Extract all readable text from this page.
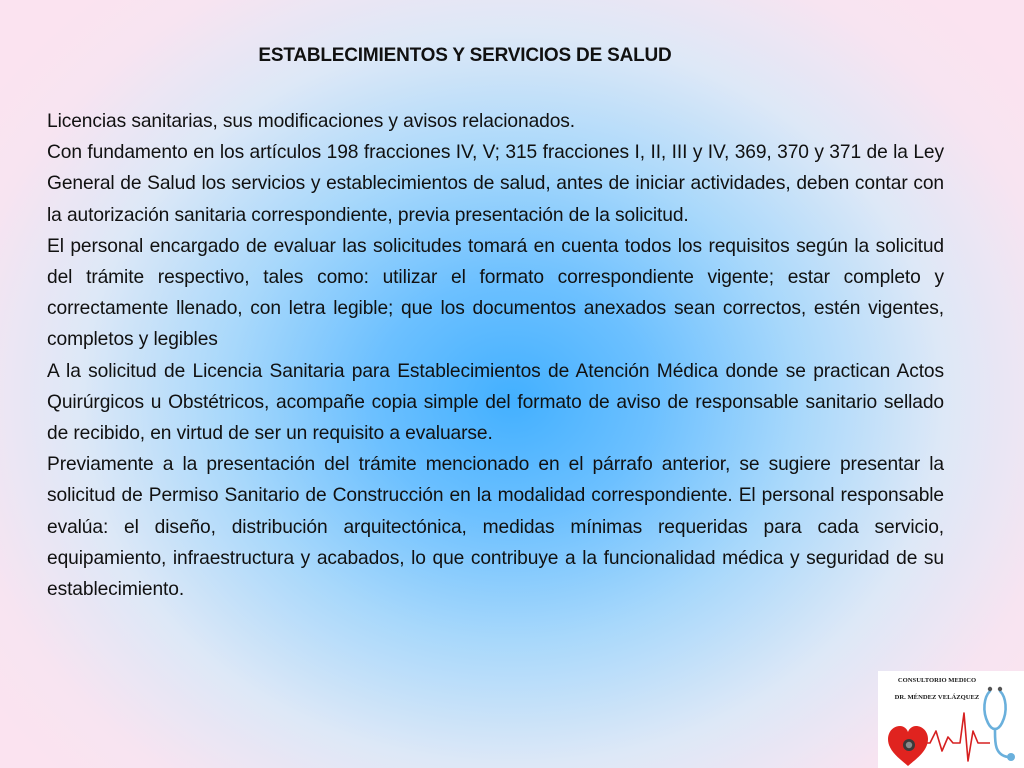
ESTABLECIMIENTOS Y SERVICIOS DE SALUD

Licencias sanitarias, sus modificaciones y avisos relacionados.

Con fundamento en los artículos 198 fracciones IV, V; 315 fracciones I, II, III y IV, 369, 370 y 371 de la Ley General de Salud los servicios y establecimientos de salud, antes de iniciar actividades, deben contar con la autorización sanitaria correspondiente, previa presentación de la solicitud.

El personal encargado de evaluar las solicitudes tomará en cuenta todos los requisitos según la solicitud del trámite respectivo, tales como: utilizar el formato correspondiente vigente; estar completo y correctamente llenado, con letra legible; que los documentos anexados sean correctos, estén vigentes, completos y legibles

A la solicitud de Licencia Sanitaria para Establecimientos de Atención Médica donde se practican Actos Quirúrgicos u Obstétricos, acompañe copia simple del formato de aviso de responsable sanitario sellado de recibido, en virtud de ser un requisito a evaluarse.

Previamente a la presentación del trámite mencionado en el párrafo anterior, se sugiere presentar la solicitud de Permiso Sanitario de Construcción en la modalidad correspondiente. El personal responsable evalúa: el diseño, distribución arquitectónica, medidas mínimas requeridas para cada servicio, equipamiento, infraestructura y acabados, lo que contribuye a la funcionalidad médica y seguridad de su establecimiento.

CONSULTORIO MEDICO
DR. MÉNDEZ VELÁZQUEZ
